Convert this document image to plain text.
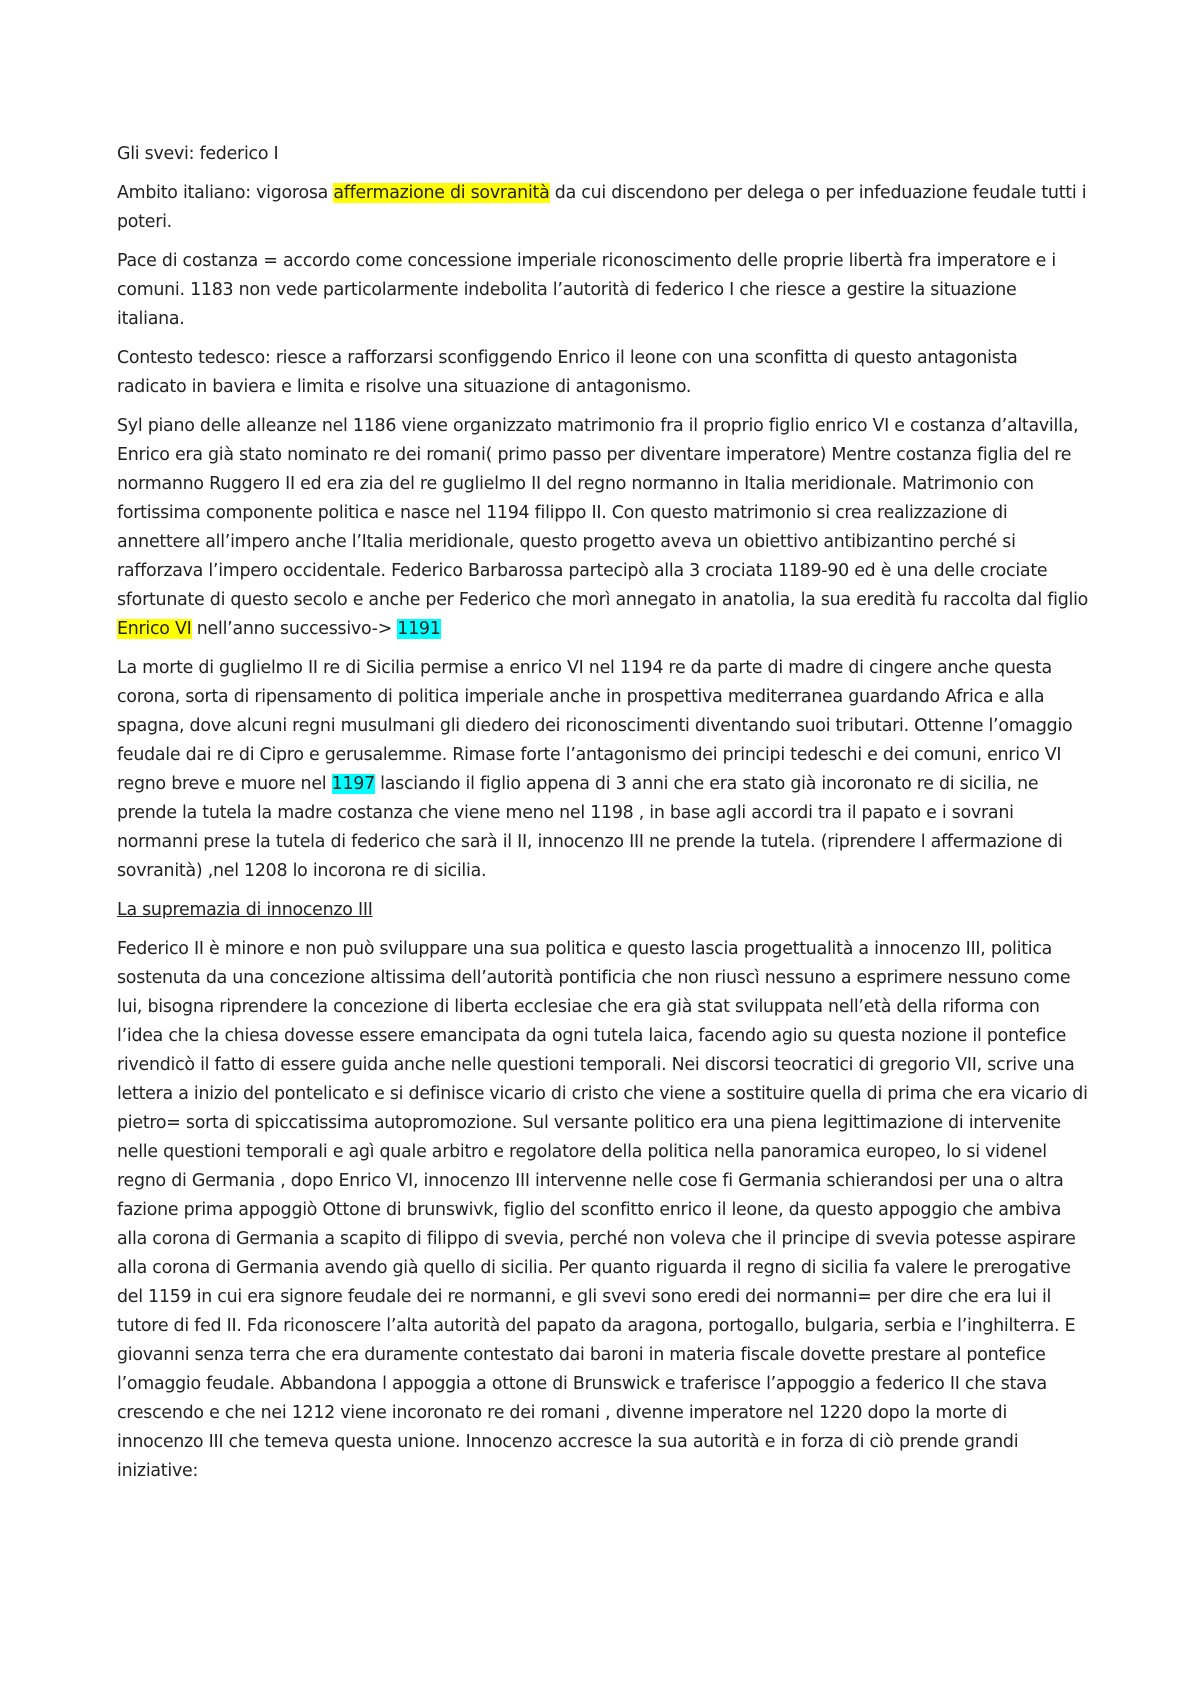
Gli svevi: federico I

Ambito italiano: vigorosa affermazione di sovranità da cui discendono per delega o per infeduazione feudale tutti i poteri.

Pace di costanza = accordo come concessione imperiale riconoscimento delle proprie libertà fra imperatore e i comuni. 1183 non vede particolarmente indebolita l’autorità di federico I che riesce a gestire la situazione italiana.

Contesto tedesco: riesce a rafforzarsi sconfiggendo Enrico il leone con una sconfitta di questo antagonista radicato in baviera e limita e risolve una situazione di antagonismo.

Syl piano delle alleanze nel 1186 viene organizzato matrimonio fra il proprio figlio enrico VI e costanza d’altavilla, Enrico era già stato nominato re dei romani( primo passo per diventare imperatore) Mentre costanza figlia del re normanno Ruggero II ed era zia del re guglielmo II del regno normanno in Italia meridionale. Matrimonio con fortissima componente politica e nasce nel 1194 filippo II. Con questo matrimonio si crea realizzazione di annettere all’impero anche l’Italia meridionale, questo progetto aveva un obiettivo antibizantino perché si rafforzava l’impero occidentale. Federico Barbarossa partecipò alla 3 crociata 1189-90 ed è una delle crociate sfortunate di questo secolo e anche per Federico che morì annegato in anatolia, la sua eredità fu raccolta dal figlio Enrico VI nell’anno successivo-> 1191

La morte di guglielmo II re di Sicilia permise a enrico VI nel 1194 re da parte di madre di cingere anche questa corona, sorta di ripensamento di politica imperiale anche in prospettiva mediterranea guardando Africa e alla spagna, dove alcuni regni musulmani gli diedero dei riconoscimenti diventando suoi tributari. Ottenne l’omaggio feudale dai re di Cipro e gerusalemme. Rimase forte l’antagonismo dei principi tedeschi e dei comuni, enrico VI regno breve e muore nel 1197 lasciando il figlio appena di 3 anni che era stato già incoronato re di sicilia, ne prende la tutela la madre costanza che viene meno nel 1198 , in base agli accordi tra il papato e i sovrani normanni prese la tutela di federico che sarà il II, innocenzo III ne prende la tutela. (riprendere l affermazione di sovranità) ,nel 1208 lo incorona re di sicilia.

La supremazia di innocenzo III

Federico II è minore e non può sviluppare una sua politica e questo lascia progettualità a innocenzo III, politica sostenuta da una concezione altissima dell’autorità pontificia che non riuscì nessuno a esprimere nessuno come lui, bisogna riprendere la concezione di liberta ecclesiae che era già stat sviluppata nell’età della riforma con l’idea che la chiesa dovesse essere emancipata da ogni tutela laica, facendo agio su questa nozione il pontefice rivendicò il fatto di essere guida anche nelle questioni temporali. Nei discorsi teocratici di gregorio VII, scrive una lettera a inizio del pontelicato e si definisce vicario di cristo che viene a sostituire quella di prima che era vicario di pietro= sorta di spiccatissima autopromozione. Sul versante politico era una piena legittimazione di intervenite nelle questioni temporali e agì quale arbitro e regolatore della politica nella panoramica europeo, lo si videnel regno di Germania , dopo Enrico VI, innocenzo III intervenne nelle cose fi Germania schierandosi per una o altra fazione prima appoggiò Ottone di brunswivk, figlio del sconfitto enrico il leone, da questo appoggio che ambiva alla corona di Germania a scapito di filippo di svevia, perché non voleva che il principe di svevia potesse aspirare alla corona di Germania avendo già quello di sicilia. Per quanto riguarda il regno di sicilia fa valere le prerogative del 1159 in cui era signore feudale dei re normanni, e gli svevi sono eredi dei normanni= per dire che era lui il tutore di fed II. Fda riconoscere l’alta autorità del papato da aragona, portogallo, bulgaria, serbia e l’inghilterra. E giovanni senza terra che era duramente contestato dai baroni in materia fiscale dovette prestare al pontefice l’omaggio feudale. Abbandona l appoggia a ottone di Brunswick e traferisce l’appoggio a federico II che stava crescendo e che nei 1212 viene incoronato re dei romani , divenne imperatore nel 1220 dopo la morte di innocenzo III che temeva questa unione. Innocenzo accresce la sua autorità e in forza di ciò prende grandi iniziative:
